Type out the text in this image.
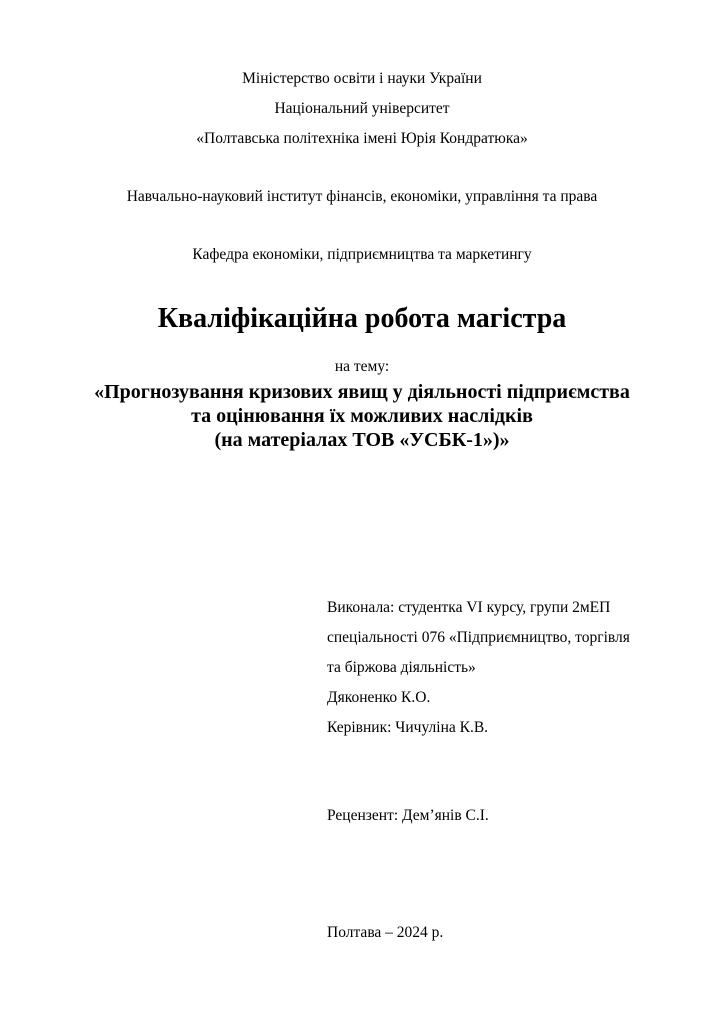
Міністерство освіти і науки України
Національний університет
«Полтавська політехніка імені Юрія Кондратюка»
Навчально-науковий інститут фінансів, економіки, управління та права
Кафедра економіки, підприємництва та маркетингу
Кваліфікаційна робота магістра
на тему:
«Прогнозування кризових явищ у діяльності підприємства
та оцінювання їх можливих наслідків
(на матеріалах ТОВ «УСБК-1»)»
Виконала: студентка VI курсу, групи 2мЕП
спеціальності 076 «Підприємництво, торгівля
та біржова діяльність»
Дяконенко К.О.
Керівник: Чичуліна К.В.
Рецензент: Дем’янів С.І.
Полтава – 2024 р.
